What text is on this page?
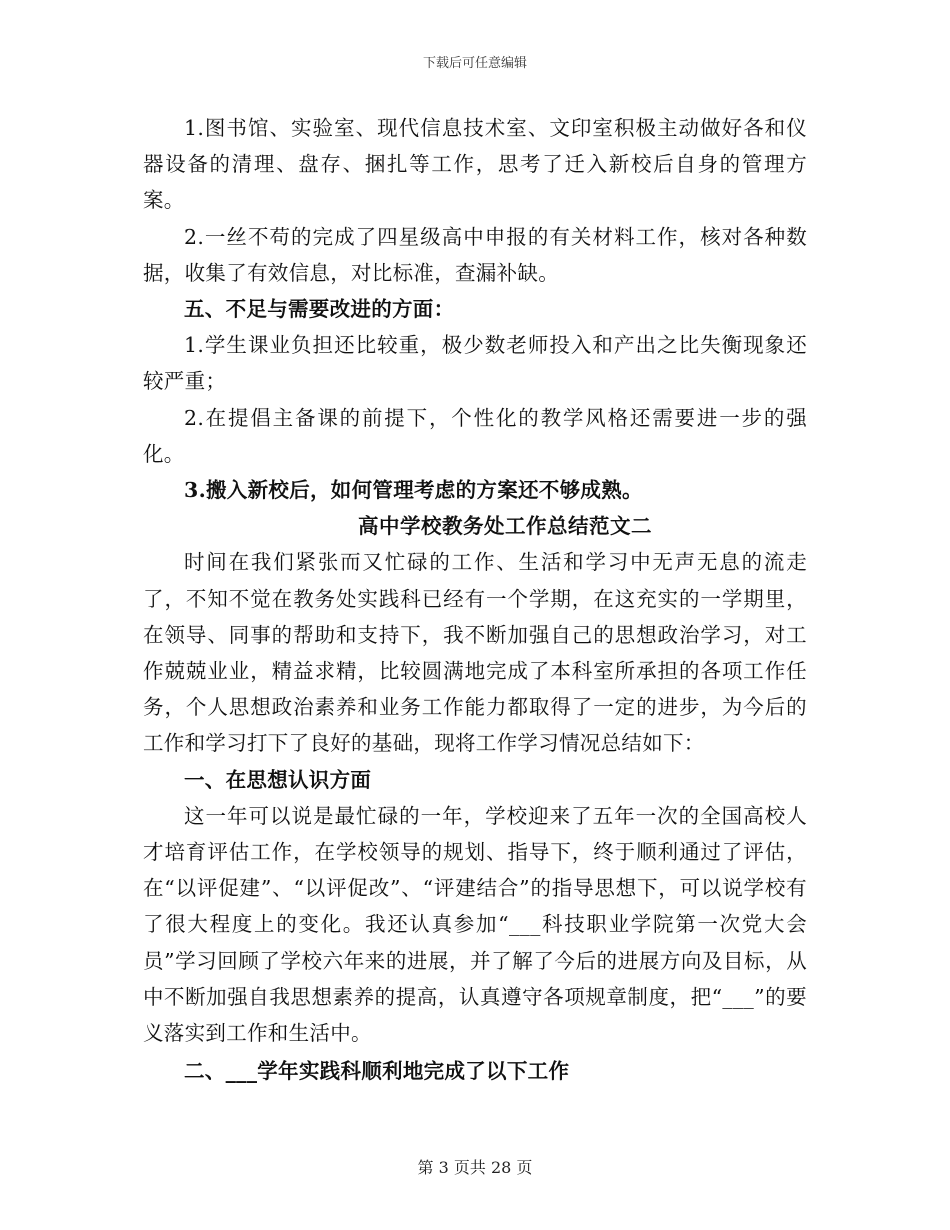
下载后可任意编辑

1.图书馆、实验室、现代信息技术室、文印室积极主动做好各和仪器设备的清理、盘存、捆扎等工作，思考了迁入新校后自身的管理方案。

2.一丝不苟的完成了四星级高中申报的有关材料工作，核对各种数据，收集了有效信息，对比标准，查漏补缺。

五、不足与需要改进的方面：

1.学生课业负担还比较重，极少数老师投入和产出之比失衡现象还较严重；

2.在提倡主备课的前提下，个性化的教学风格还需要进一步的强化。

3.搬入新校后，如何管理考虑的方案还不够成熟。

高中学校教务处工作总结范文二

时间在我们紧张而又忙碌的工作、生活和学习中无声无息的流走了，不知不觉在教务处实践科已经有一个学期，在这充实的一学期里，在领导、同事的帮助和支持下，我不断加强自己的思想政治学习，对工作兢兢业业，精益求精，比较圆满地完成了本科室所承担的各项工作任务，个人思想政治素养和业务工作能力都取得了一定的进步，为今后的工作和学习打下了良好的基础，现将工作学习情况总结如下：

一、在思想认识方面

这一年可以说是最忙碌的一年，学校迎来了五年一次的全国高校人才培育评估工作，在学校领导的规划、指导下，终于顺利通过了评估，在“以评促建”、“以评促改”、“评建结合”的指导思想下，可以说学校有了很大程度上的变化。我还认真参加“___科技职业学院第一次党大会员”学习回顾了学校六年来的进展，并了解了今后的进展方向及目标，从中不断加强自我思想素养的提高，认真遵守各项规章制度，把“___”的要义落实到工作和生活中。

二、___学年实践科顺利地完成了以下工作

第 3 页共 28 页
